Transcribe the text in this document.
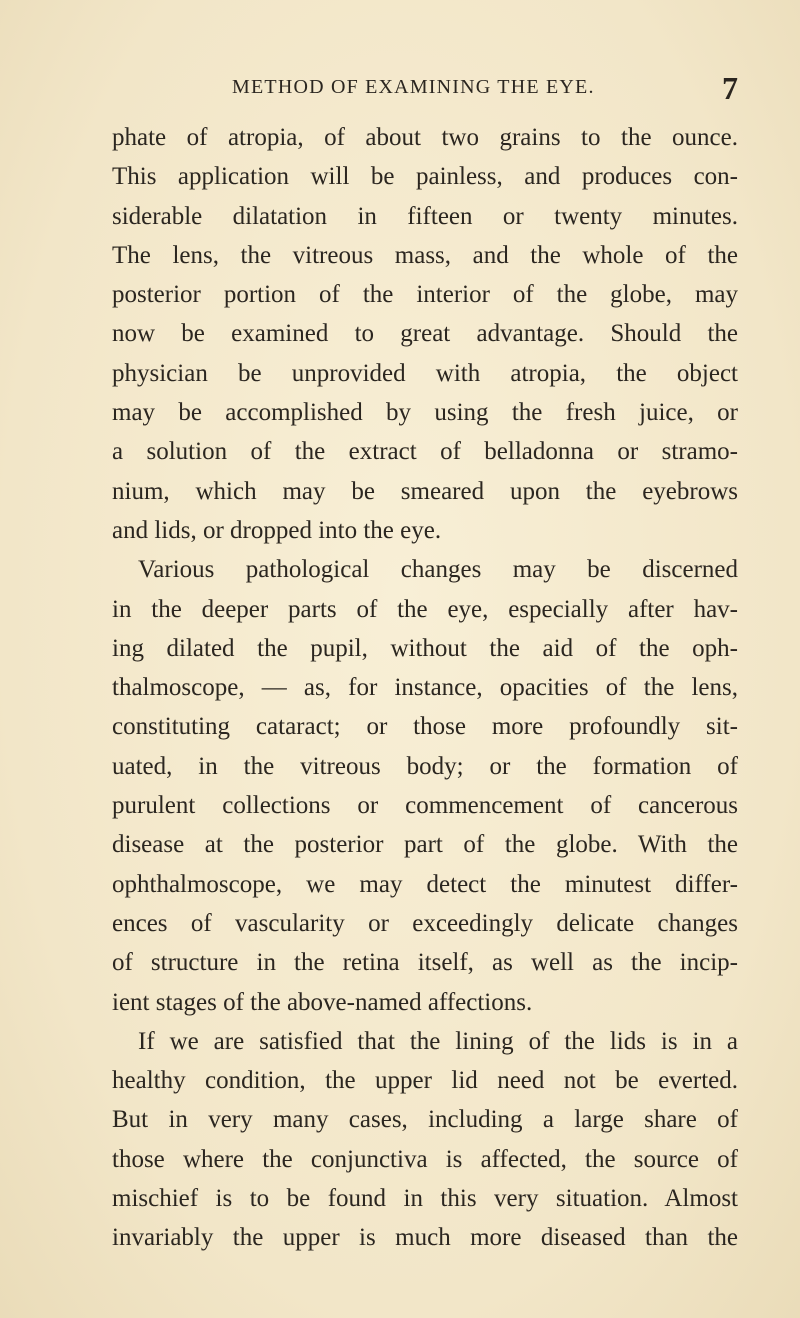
METHOD OF EXAMINING THE EYE.	7
phate of atropia, of about two grains to the ounce.
This application will be painless, and produces con-
siderable dilatation in fifteen or twenty minutes.
The lens, the vitreous mass, and the whole of the
posterior portion of the interior of the globe, may
now be examined to great advantage. Should the
physician be unprovided with atropia, the object
may be accomplished by using the fresh juice, or
a solution of the extract of belladonna or stramo-
nium, which may be smeared upon the eyebrows
and lids, or dropped into the eye.
Various pathological changes may be discerned
in the deeper parts of the eye, especially after hav-
ing dilated the pupil, without the aid of the oph-
thalmoscope, — as, for instance, opacities of the lens,
constituting cataract; or those more profoundly sit-
uated, in the vitreous body; or the formation of
purulent collections or commencement of cancerous
disease at the posterior part of the globe. With the
ophthalmoscope, we may detect the minutest differ-
ences of vascularity or exceedingly delicate changes
of structure in the retina itself, as well as the incip-
ient stages of the above-named affections.
If we are satisfied that the lining of the lids is in a
healthy condition, the upper lid need not be everted.
But in very many cases, including a large share of
those where the conjunctiva is affected, the source of
mischief is to be found in this very situation. Almost
invariably the upper is much more diseased than the
